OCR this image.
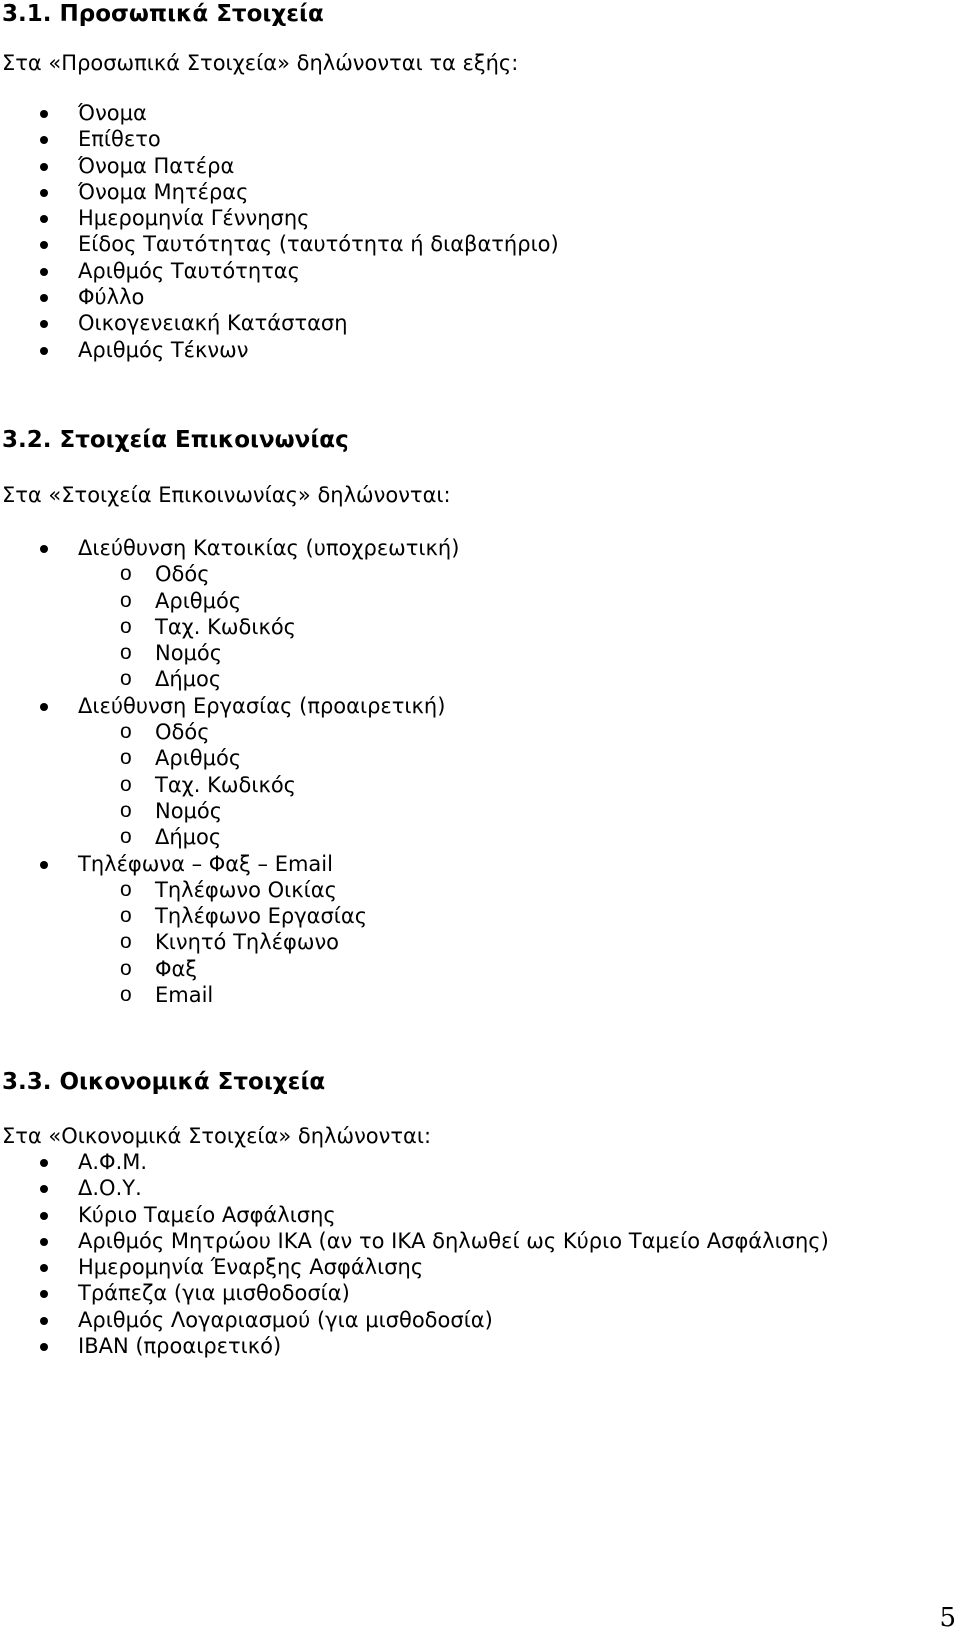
3.1. Προσωπικά Στοιχεία

Στα «Προσωπικά Στοιχεία» δηλώνονται τα εξής:

Όνομα
Επίθετο
Όνομα Πατέρα
Όνομα Μητέρας
Ημερομηνία Γέννησης
Είδος Ταυτότητας (ταυτότητα ή διαβατήριο)
Αριθμός Ταυτότητας
Φύλλο
Οικογενειακή Κατάσταση
Αριθμός Τέκνων
3.2. Στοιχεία Επικοινωνίας

Στα «Στοιχεία Επικοινωνίας» δηλώνονται:

Διεύθυνση Κατοικίας (υποχρεωτική)
o Οδός
o Αριθμός
o Ταχ. Κωδικός
o Νομός
o Δήμος
Διεύθυνση Εργασίας (προαιρετική)
o Οδός
o Αριθμός
o Ταχ. Κωδικός
o Νομός
o Δήμος
Τηλέφωνα – Φαξ – Email
o Τηλέφωνο Οικίας
o Τηλέφωνο Εργασίας
o Κινητό Τηλέφωνο
o Φαξ
o Email
3.3. Οικονομικά Στοιχεία

Στα «Οικονομικά Στοιχεία» δηλώνονται:

Α.Φ.Μ.
Δ.Ο.Υ.
Κύριο Ταμείο Ασφάλισης
Αριθμός Μητρώου ΙΚΑ (αν το ΙΚΑ δηλωθεί ως Κύριο Ταμείο Ασφάλισης)
Ημερομηνία Έναρξης Ασφάλισης
Τράπεζα (για μισθοδοσία)
Αριθμός Λογαριασμού (για μισθοδοσία)
IBAN (προαιρετικό)
5
